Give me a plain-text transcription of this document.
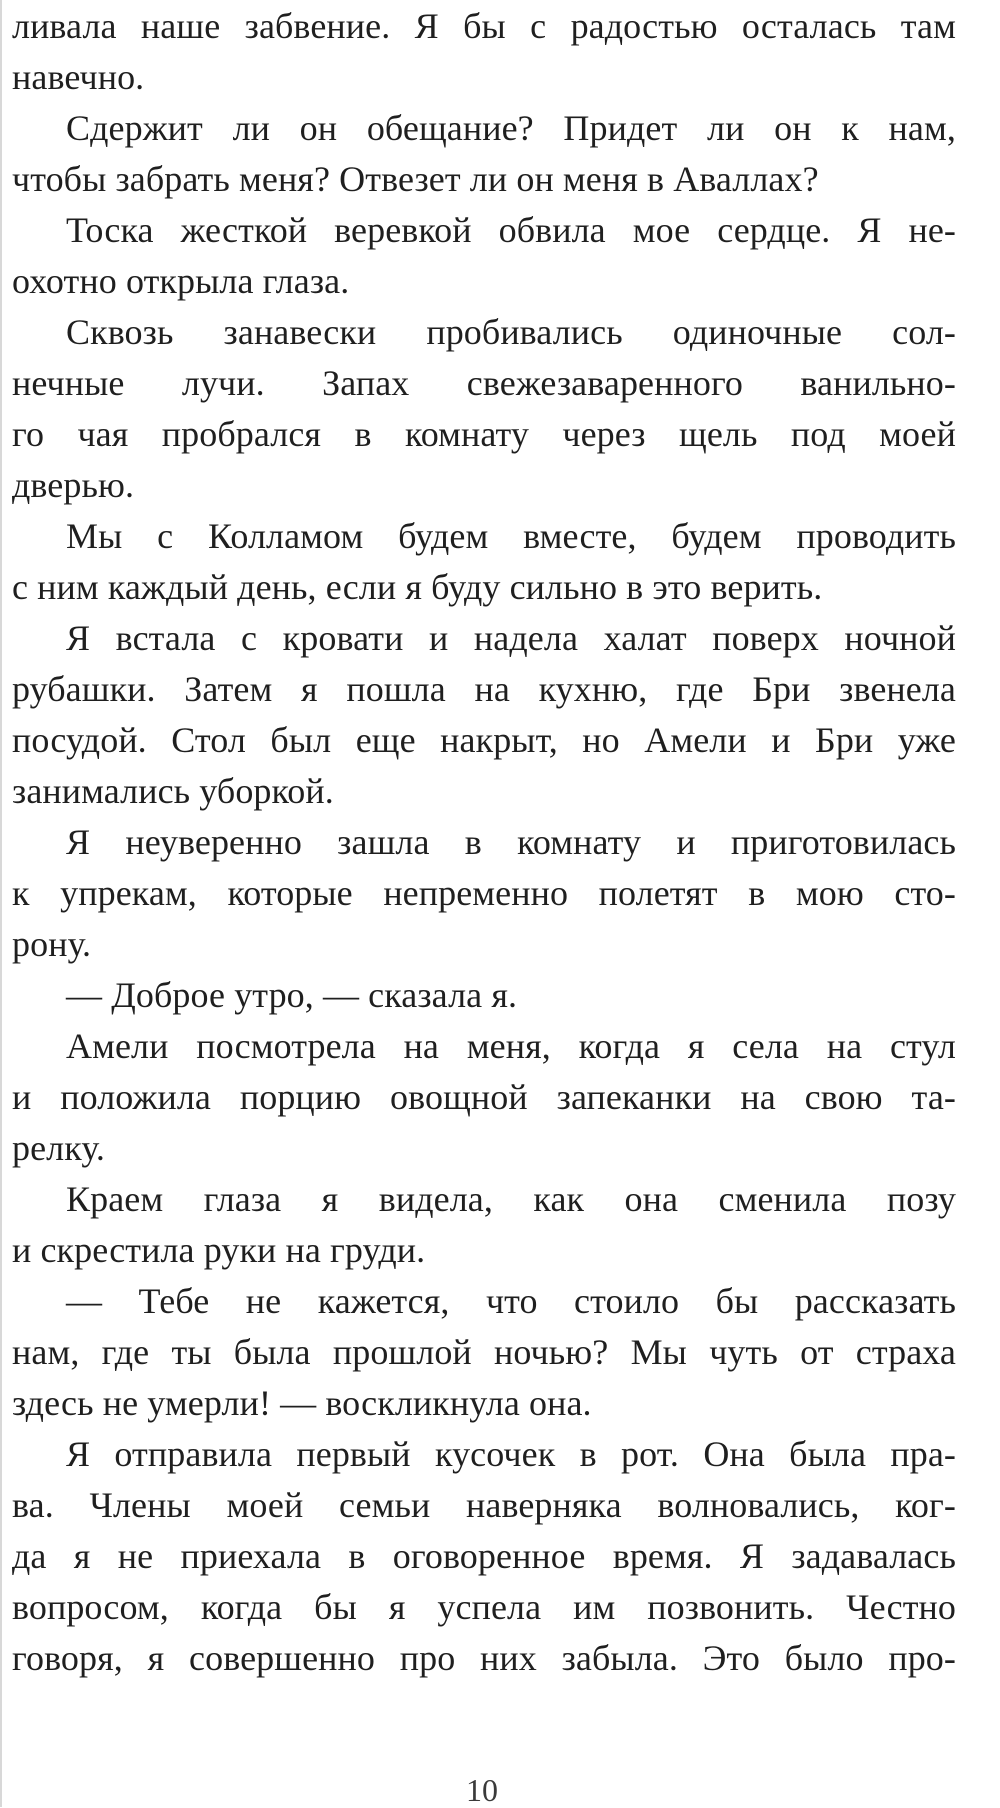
ливала наше забвение. Я бы с радостью осталась там
навечно.
Сдержит ли он обещание? Придет ли он к нам,
чтобы забрать меня? Отвезет ли он меня в Аваллах?
Тоска жесткой веревкой обвила мое сердце. Я не-
охотно открыла глаза.
Сквозь занавески пробивались одиночные сол-
нечные лучи. Запах свежезаваренного ванильно-
го чая пробрался в комнату через щель под моей
дверью.
Мы с Колламом будем вместе, будем проводить
с ним каждый день, если я буду сильно в это верить.
Я встала с кровати и надела халат поверх ночной
рубашки. Затем я пошла на кухню, где Бри звенела
посудой. Стол был еще накрыт, но Амели и Бри уже
занимались уборкой.
Я неуверенно зашла в комнату и приготовилась
к упрекам, которые непременно полетят в мою сто-
рону.
— Доброе утро, — сказала я.
Амели посмотрела на меня, когда я села на стул
и положила порцию овощной запеканки на свою та-
релку.
Краем глаза я видела, как она сменила позу
и скрестила руки на груди.
— Тебе не кажется, что стоило бы рассказать
нам, где ты была прошлой ночью? Мы чуть от страха
здесь не умерли! — воскликнула она.
Я отправила первый кусочек в рот. Она была пра-
ва. Члены моей семьи наверняка волновались, ког-
да я не приехала в оговоренное время. Я задавалась
вопросом, когда бы я успела им позвонить. Честно
говоря, я совершенно про них забыла. Это было про-
10
